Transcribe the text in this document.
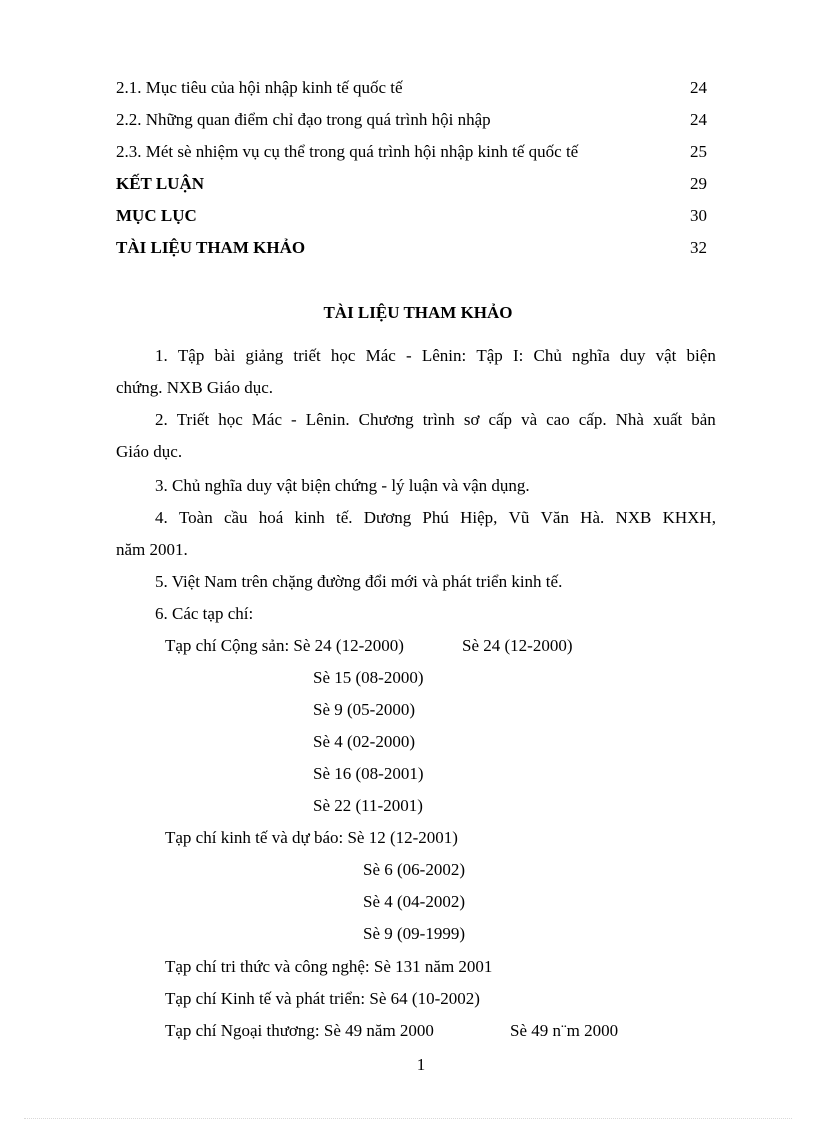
2.1. Mục tiêu của hội nhập kinh tế quốc tế	24
2.2. Những quan điểm chỉ đạo trong quá trình hội nhập	24
2.3. Mét sè nhiệm vụ cụ thể trong quá trình hội nhập kinh tế quốc tế	25
KẾT LUẬN	29
MỤC LỤC	30
TÀI LIỆU THAM KHẢO	32
TÀI LIỆU THAM KHẢO
1. Tập bài giảng triết học Mác - Lênin: Tập I: Chủ nghĩa duy vật biện
chứng. NXB Giáo dục.
2. Triết học Mác - Lênin. Chương trình sơ cấp và cao cấp. Nhà xuất bản
Giáo dục.
3. Chủ nghĩa duy vật biện chứng - lý luận và vận dụng.
4. Toàn cầu hoá kinh tế. Dương Phú Hiệp, Vũ Văn Hà. NXB KHXH,
năm 2001.
5. Việt Nam trên chặng đường đổi mới và phát triển kinh tế.
6. Các tạp chí:
Tạp chí Cộng sản: Sè 24 (12-2000)	Sè 24 (12-2000)
Sè 15 (08-2000)
Sè 9 (05-2000)
Sè 4 (02-2000)
Sè 16 (08-2001)
Sè 22 (11-2001)
Tạp chí kinh tế và dự báo: Sè 12 (12-2001)
Sè 6 (06-2002)
Sè 4 (04-2002)
Sè 9 (09-1999)
Tạp chí tri thức và công nghệ: Sè 131 năm 2001
Tạp chí Kinh tế và phát triển: Sè 64 (10-2002)
Tạp chí Ngoại thương: Sè 49 năm 2000	Sè 49 n¨m 2000
1
